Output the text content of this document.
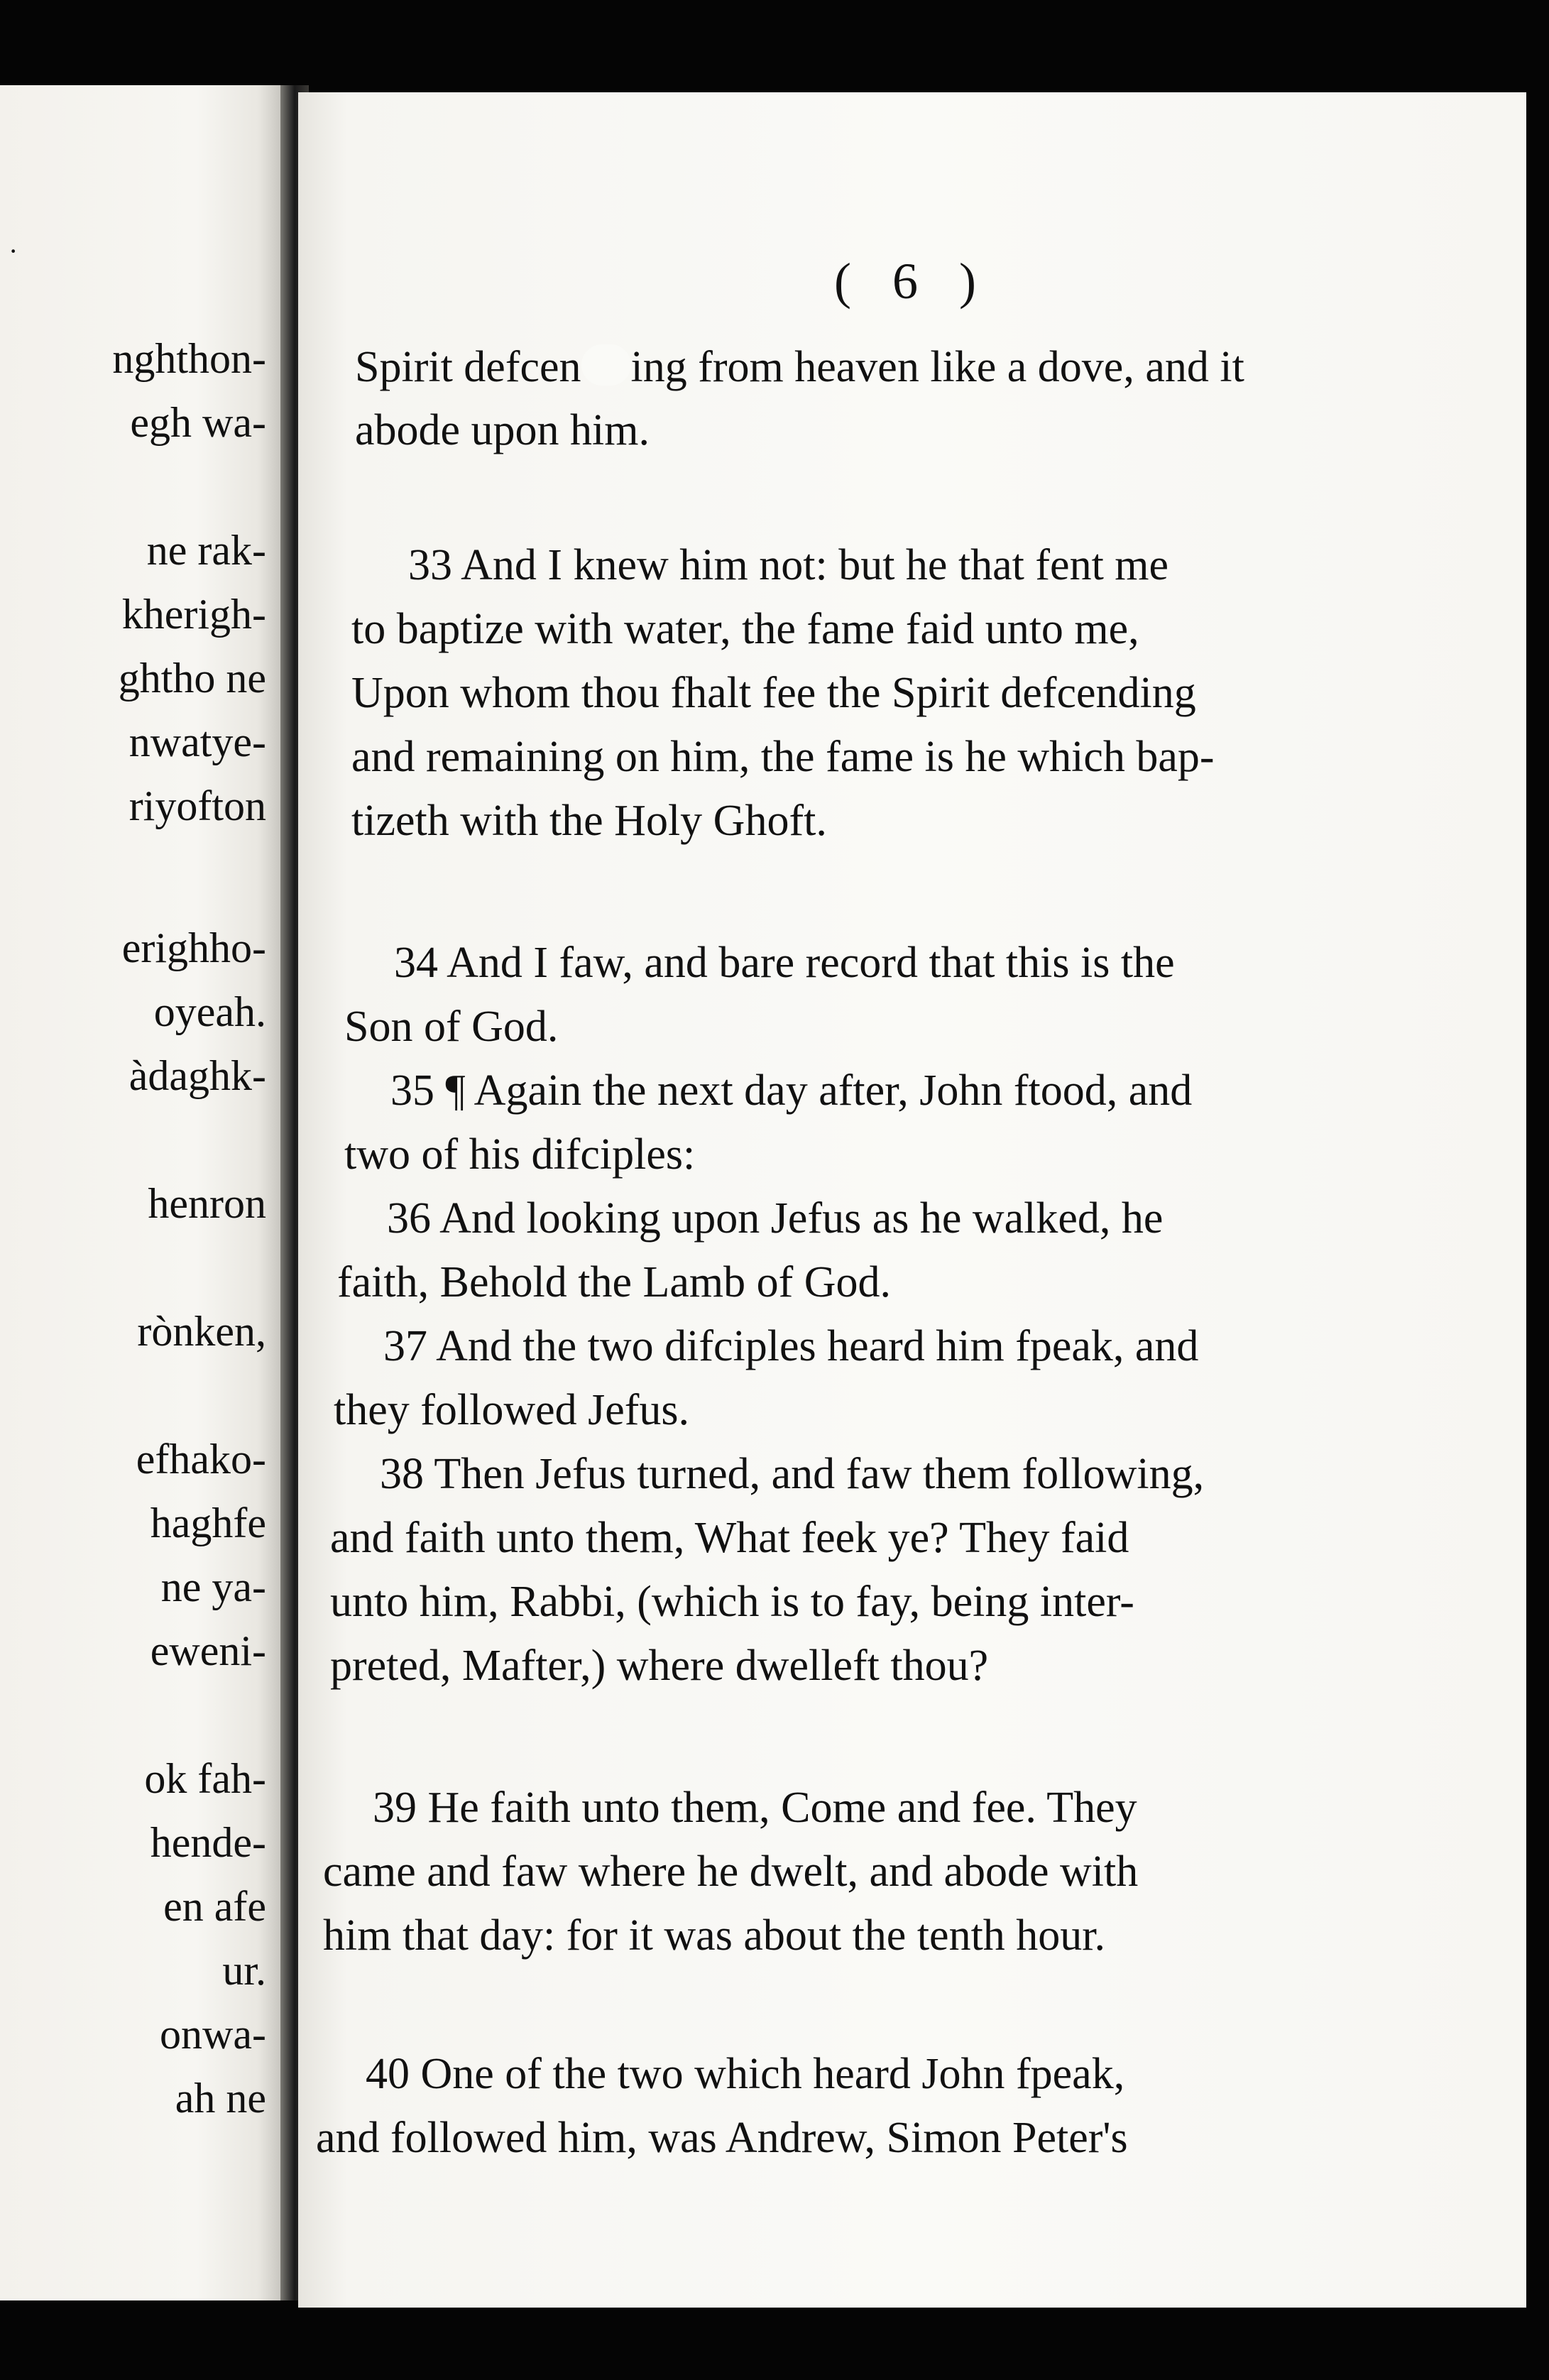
·
nghthon-
egh wa-
ne rak-
kherigh-
ghtho ne
nwatye-
riyofton
erighho-
oyeah.
àdaghk-
henron
rònken,
efhako-
haghfe
ne ya-
eweni-
ok fah-
hende-
en afe
ur.
onwa-
ah ne
( 6 )
Spirit defcen ing from heaven like a dove, and it
abode upon him.
33 And I knew him not: but he that fent me
to baptize with water, the fame faid unto me,
Upon whom thou fhalt fee the Spirit defcending
and remaining on him, the fame is he which bap-
tizeth with the Holy Ghoft.
34 And I faw, and bare record that this is the
Son of God.
35 ¶ Again the next day after, John ftood, and
two of his difciples:
36 And looking upon Jefus as he walked, he
faith, Behold the Lamb of God.
37 And the two difciples heard him fpeak, and
they followed Jefus.
38 Then Jefus turned, and faw them following,
and faith unto them, What feek ye? They faid
unto him, Rabbi, (which is to fay, being inter-
preted, Mafter,) where dwelleft thou?
39 He faith unto them, Come and fee. They
came and faw where he dwelt, and abode with
him that day: for it was about the tenth hour.
40 One of the two which heard John fpeak,
and followed him, was Andrew, Simon Peter's
